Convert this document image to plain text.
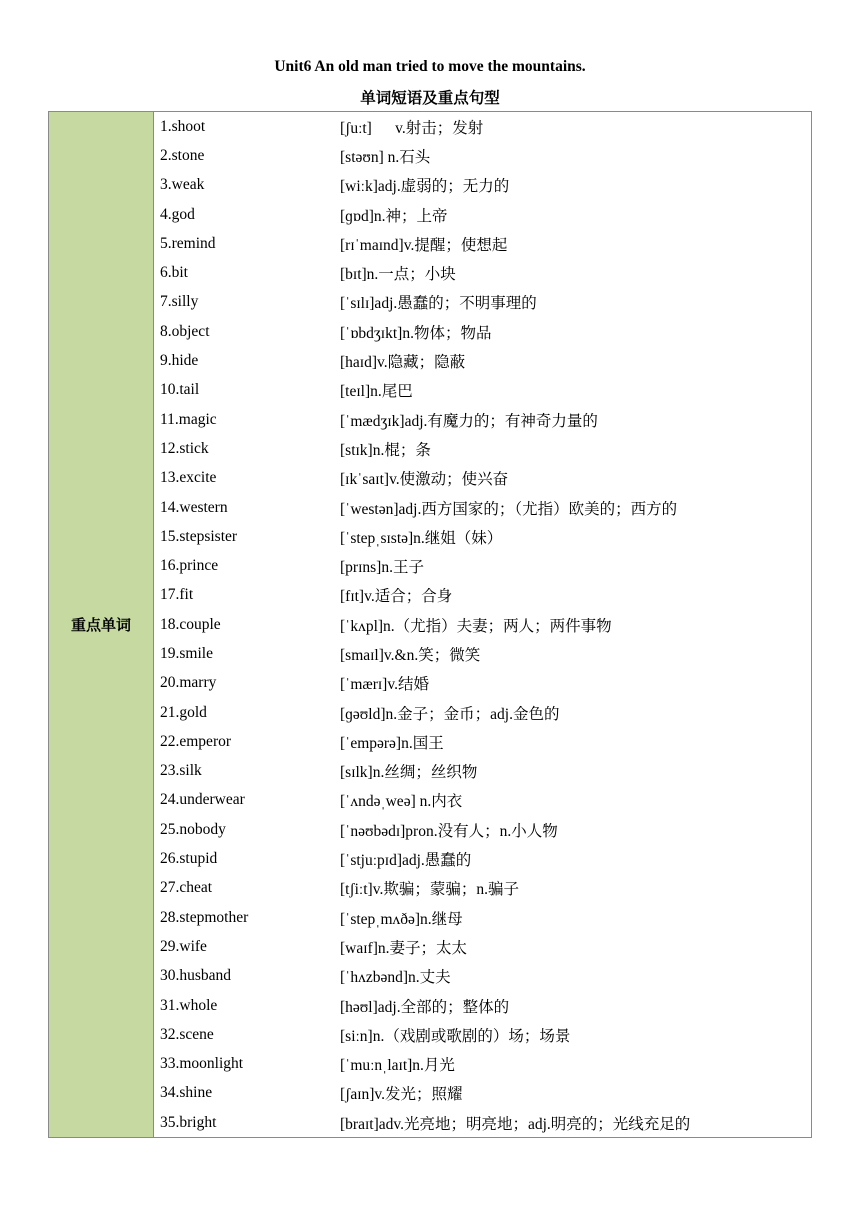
Unit6 An old man tried to move the mountains.
单词短语及重点句型
重点单词	
1.shoot	[ʃuːt]      v.射击；发射
2.stone	[stəʊn] n.石头
3.weak	[wiːk]adj.虚弱的；无力的
4.god	[ɡɒd]n.神；上帝
5.remind	[rɪˈmaɪnd]v.提醒；使想起
6.bit	[bɪt]n.一点；小块
7.silly	[ˈsɪlɪ]adj.愚蠢的；不明事理的
8.object	[ˈɒbdʒɪkt]n.物体；物品
9.hide	[haɪd]v.隐藏；隐蔽
10.tail	[teɪl]n.尾巴
11.magic	[ˈmædʒɪk]adj.有魔力的；有神奇力量的
12.stick	[stɪk]n.棍；条
13.excite	[ɪkˈsaɪt]v.使激动；使兴奋
14.western	[ˈwestən]adj.西方国家的；（尤指）欧美的；西方的
15.stepsister	[ˈstepˌsɪstə]n.继姐（妹）
16.prince	[prɪns]n.王子
17.fit	[fɪt]v.适合；合身
18.couple	[ˈkʌpl]n.（尤指）夫妻；两人；两件事物
19.smile	[smaɪl]v.&n.笑；微笑
20.marry	[ˈmærɪ]v.结婚
21.gold	[ɡəʊld]n.金子；金币；adj.金色的
22.emperor	[ˈempərə]n.国王
23.silk	[sɪlk]n.丝绸；丝织物
24.underwear	[ˈʌndəˌweə] n.内衣
25.nobody	[ˈnəʊbədɪ]pron.没有人；n.小人物
26.stupid	[ˈstjuːpɪd]adj.愚蠢的
27.cheat	[tʃiːt]v.欺骗；蒙骗；n.骗子
28.stepmother	[ˈstepˌmʌðə]n.继母
29.wife	[waɪf]n.妻子；太太
30.husband	[ˈhʌzbənd]n.丈夫
31.whole	[həʊl]adj.全部的；整体的
32.scene	[siːn]n.（戏剧或歌剧的）场；场景
33.moonlight	[ˈmuːnˌlaɪt]n.月光
34.shine	[ʃaɪn]v.发光；照耀
35.bright	[braɪt]adv.光亮地；明亮地；adj.明亮的；光线充足的
